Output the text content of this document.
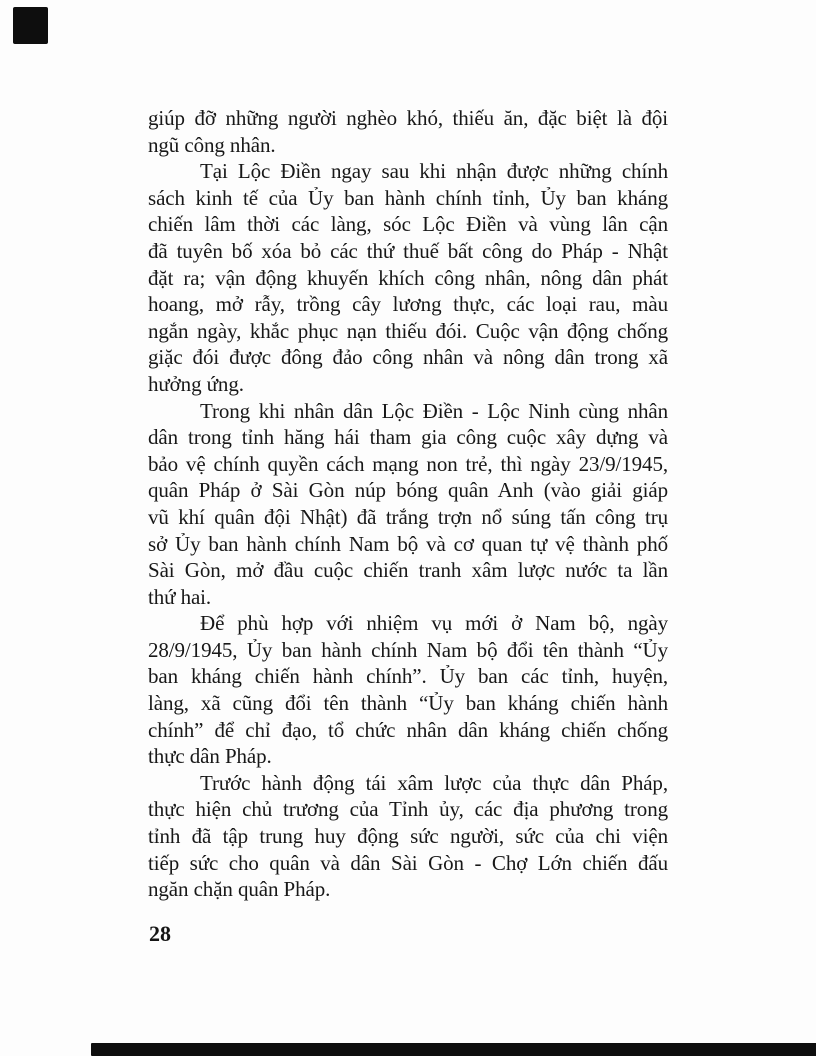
giúp đỡ những người nghèo khó, thiếu ăn, đặc biệt là đội
ngũ công nhân.
Tại Lộc Điền ngay sau khi nhận được những chính
sách kinh tế của Ủy ban hành chính tỉnh, Ủy ban kháng
chiến lâm thời các làng, sóc Lộc Điền và vùng lân cận
đã tuyên bố xóa bỏ các thứ thuế bất công do Pháp - Nhật
đặt ra; vận động khuyến khích công nhân, nông dân phát
hoang, mở rẫy, trồng cây lương thực, các loại rau, màu
ngắn ngày, khắc phục nạn thiếu đói. Cuộc vận động chống
giặc đói được đông đảo công nhân và nông dân trong xã
hưởng ứng.
Trong khi nhân dân Lộc Điền - Lộc Ninh cùng nhân
dân trong tỉnh hăng hái tham gia công cuộc xây dựng và
bảo vệ chính quyền cách mạng non trẻ, thì ngày 23/9/1945,
quân Pháp ở Sài Gòn núp bóng quân Anh (vào giải giáp
vũ khí quân đội Nhật) đã trắng trợn nổ súng tấn công trụ
sở Ủy ban hành chính Nam bộ và cơ quan tự vệ thành phố
Sài Gòn, mở đầu cuộc chiến tranh xâm lược nước ta lần
thứ hai.
Để phù hợp với nhiệm vụ mới ở Nam bộ, ngày
28/9/1945, Ủy ban hành chính Nam bộ đổi tên thành “Ủy
ban kháng chiến hành chính”. Ủy ban các tỉnh, huyện,
làng, xã cũng đổi tên thành “Ủy ban kháng chiến hành
chính” để chỉ đạo, tổ chức nhân dân kháng chiến chống
thực dân Pháp.
Trước hành động tái xâm lược của thực dân Pháp,
thực hiện chủ trương của Tỉnh ủy, các địa phương trong
tỉnh đã tập trung huy động sức người, sức của chi viện
tiếp sức cho quân và dân Sài Gòn - Chợ Lớn chiến đấu
ngăn chặn quân Pháp.
28
